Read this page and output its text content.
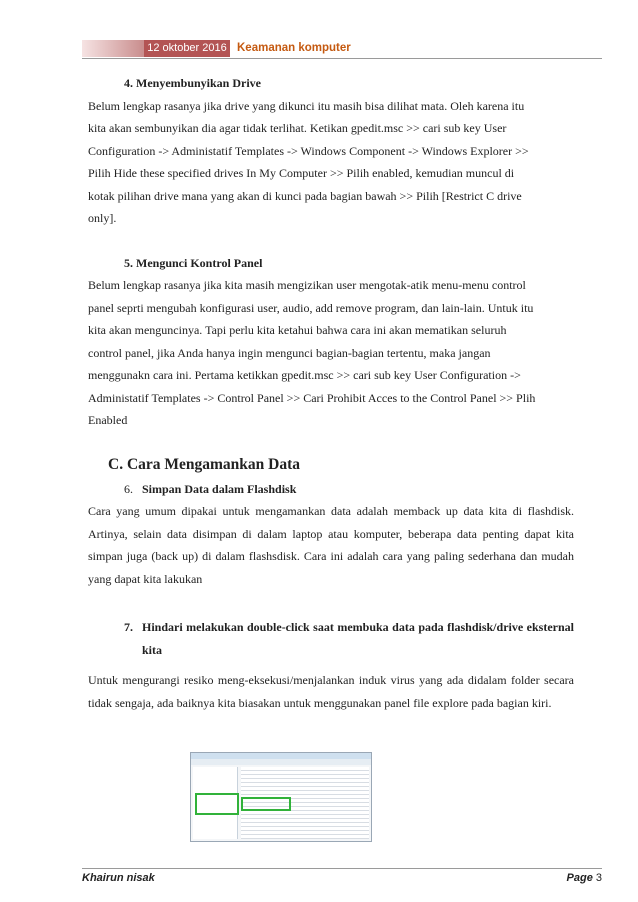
12 oktober 2016 Keamanan komputer

4. Menyembunyikan Drive

Belum lengkap rasanya jika drive yang dikunci itu masih bisa dilihat mata. Oleh karena itu

kita akan sembunyikan dia agar tidak terlihat. Ketikan gpedit.msc >> cari sub key User

Configuration -> Administatif Templates -> Windows Component -> Windows Explorer >>

Pilih Hide these specified drives In My Computer >> Pilih enabled, kemudian muncul di

kotak pilihan drive mana yang akan di kunci pada bagian bawah >> Pilih [Restrict C drive

only].

5. Mengunci Kontrol Panel

Belum lengkap rasanya jika kita masih mengizikan user mengotak-atik menu-menu control

panel seprti mengubah konfigurasi user, audio, add remove program, dan lain-lain. Untuk itu

kita akan menguncinya. Tapi perlu kita ketahui bahwa cara ini akan mematikan seluruh

control panel, jika Anda hanya ingin mengunci bagian-bagian tertentu, maka jangan

menggunakn cara ini. Pertama ketikkan gpedit.msc >> cari sub key User Configuration ->

Administatif Templates -> Control Panel >> Cari Prohibit Acces to the Control Panel >> Plih

Enabled

C. Cara Mengamankan Data

6. Simpan Data dalam Flashdisk

Cara yang umum dipakai untuk mengamankan data adalah memback up data kita di flashdisk. Artinya, selain data disimpan di dalam laptop atau komputer, beberapa data penting dapat kita simpan juga (back up) di dalam flashsdisk. Cara ini adalah cara yang paling sederhana dan mudah yang dapat kita lakukan

7. Hindari melakukan double-click saat membuka data pada flashdisk/drive eksternal kita

Untuk mengurangi resiko meng-eksekusi/menjalankan induk virus yang ada didalam folder secara tidak sengaja, ada baiknya kita biasakan untuk menggunakan panel file explore pada bagian kiri.

Khairun nisak	Page 3
